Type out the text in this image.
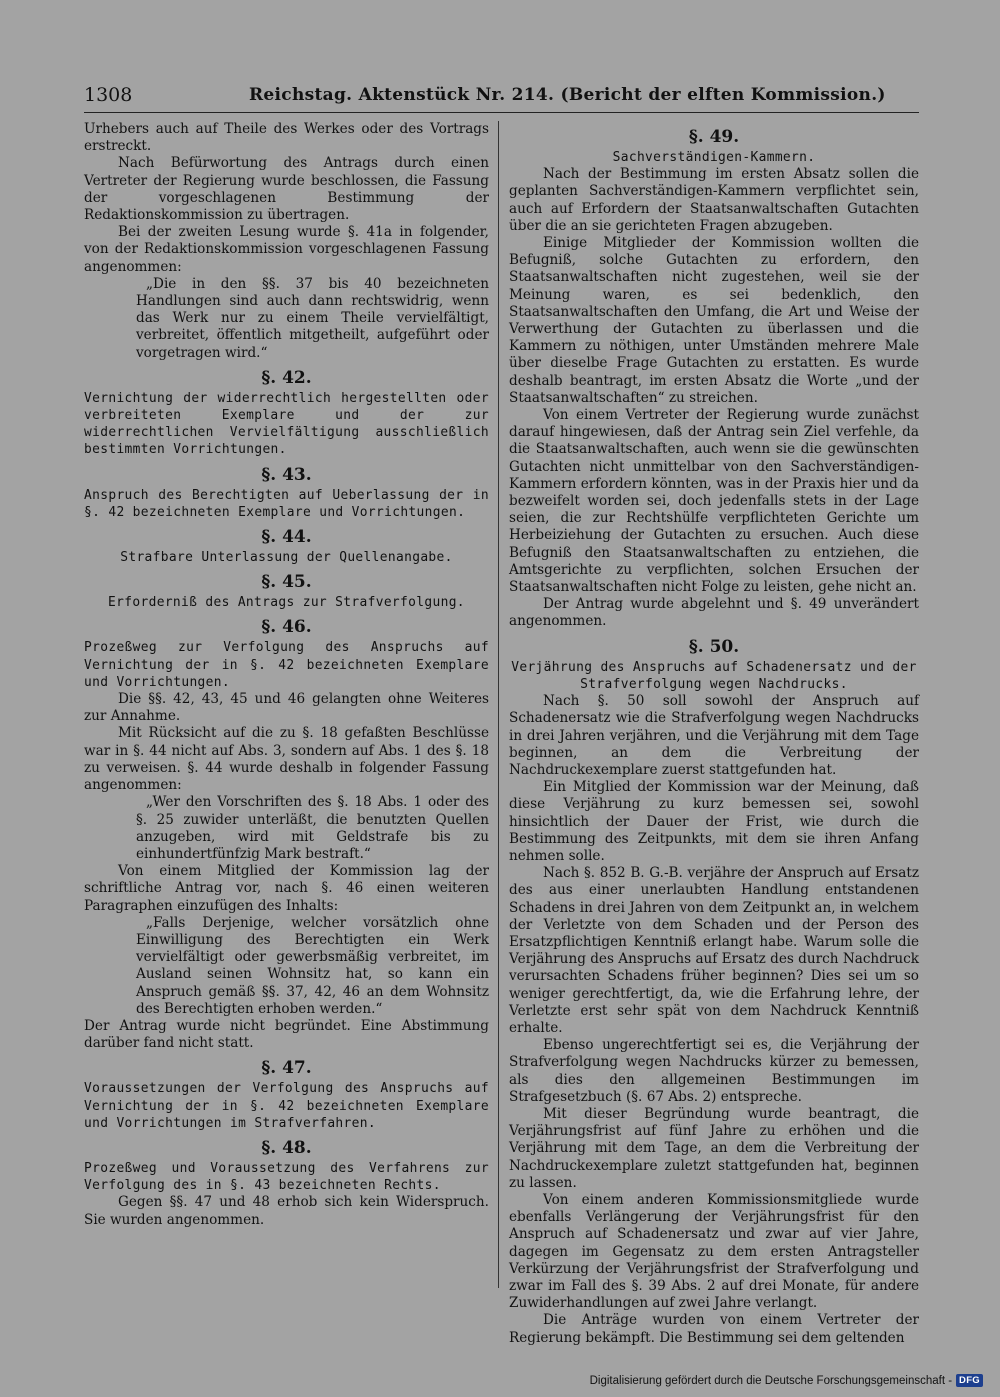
1308	Reichstag. Aktenstück Nr. 214. (Bericht der elften Kommission.)

Urhebers auch auf Theile des Werkes oder des Vortrags erstreckt.

Nach Befürwortung des Antrags durch einen Vertreter der Regierung wurde beschlossen, die Fassung der vorgeschlagenen Bestimmung der Redaktionskommission zu übertragen.

Bei der zweiten Lesung wurde §. 41a in folgender, von der Redaktionskommission vorgeschlagenen Fassung angenommen:

„Die in den §§. 37 bis 40 bezeichneten Handlungen sind auch dann rechtswidrig, wenn das Werk nur zu einem Theile vervielfältigt, verbreitet, öffentlich mitgetheilt, aufgeführt oder vorgetragen wird.“

§. 42.

Vernichtung der widerrechtlich hergestellten oder verbreiteten Exemplare und der zur widerrechtlichen Vervielfältigung ausschließlich bestimmten Vorrichtungen.

§. 43.

Anspruch des Berechtigten auf Ueberlassung der in §. 42 bezeichneten Exemplare und Vorrichtungen.

§. 44.

Strafbare Unterlassung der Quellenangabe.

§. 45.

Erforderniß des Antrags zur Strafverfolgung.

§. 46.

Prozeßweg zur Verfolgung des Anspruchs auf Vernichtung der in §. 42 bezeichneten Exemplare und Vorrichtungen.

Die §§. 42, 43, 45 und 46 gelangten ohne Weiteres zur Annahme.

Mit Rücksicht auf die zu §. 18 gefaßten Beschlüsse war in §. 44 nicht auf Abs. 3, sondern auf Abs. 1 des §. 18 zu verweisen. §. 44 wurde deshalb in folgender Fassung angenommen:

„Wer den Vorschriften des §. 18 Abs. 1 oder des §. 25 zuwider unterläßt, die benutzten Quellen anzugeben, wird mit Geldstrafe bis zu einhundertfünfzig Mark bestraft.“

Von einem Mitglied der Kommission lag der schriftliche Antrag vor, nach §. 46 einen weiteren Paragraphen einzufügen des Inhalts:

„Falls Derjenige, welcher vorsätzlich ohne Einwilligung des Berechtigten ein Werk vervielfältigt oder gewerbsmäßig verbreitet, im Ausland seinen Wohnsitz hat, so kann ein Anspruch gemäß §§. 37, 42, 46 an dem Wohnsitz des Berechtigten erhoben werden.“

Der Antrag wurde nicht begründet. Eine Abstimmung darüber fand nicht statt.

§. 47.

Voraussetzungen der Verfolgung des Anspruchs auf Vernichtung der in §. 42 bezeichneten Exemplare und Vorrichtungen im Strafverfahren.

§. 48.

Prozeßweg und Voraussetzung des Verfahrens zur Verfolgung des in §. 43 bezeichneten Rechts.

Gegen §§. 47 und 48 erhob sich kein Widerspruch. Sie wurden angenommen.

§. 49.

Sachverständigen-Kammern.

Nach der Bestimmung im ersten Absatz sollen die geplanten Sachverständigen-Kammern verpflichtet sein, auch auf Erfordern der Staatsanwaltschaften Gutachten über die an sie gerichteten Fragen abzugeben.

Einige Mitglieder der Kommission wollten die Befugniß, solche Gutachten zu erfordern, den Staatsanwaltschaften nicht zugestehen, weil sie der Meinung waren, es sei bedenklich, den Staatsanwaltschaften den Umfang, die Art und Weise der Verwerthung der Gutachten zu überlassen und die Kammern zu nöthigen, unter Umständen mehrere Male über dieselbe Frage Gutachten zu erstatten. Es wurde deshalb beantragt, im ersten Absatz die Worte „und der Staatsanwaltschaften“ zu streichen.

Von einem Vertreter der Regierung wurde zunächst darauf hingewiesen, daß der Antrag sein Ziel verfehle, da die Staatsanwaltschaften, auch wenn sie die gewünschten Gutachten nicht unmittelbar von den Sachverständigen-Kammern erfordern könnten, was in der Praxis hier und da bezweifelt worden sei, doch jedenfalls stets in der Lage seien, die zur Rechtshülfe verpflichteten Gerichte um Herbeiziehung der Gutachten zu ersuchen. Auch diese Befugniß den Staatsanwaltschaften zu entziehen, die Amtsgerichte zu verpflichten, solchen Ersuchen der Staatsanwaltschaften nicht Folge zu leisten, gehe nicht an.

Der Antrag wurde abgelehnt und §. 49 unverändert angenommen.

§. 50.

Verjährung des Anspruchs auf Schadenersatz und der Strafverfolgung wegen Nachdrucks.

Nach §. 50 soll sowohl der Anspruch auf Schadenersatz wie die Strafverfolgung wegen Nachdrucks in drei Jahren verjähren, und die Verjährung mit dem Tage beginnen, an dem die Verbreitung der Nachdruckexemplare zuerst stattgefunden hat.

Ein Mitglied der Kommission war der Meinung, daß diese Verjährung zu kurz bemessen sei, sowohl hinsichtlich der Dauer der Frist, wie durch die Bestimmung des Zeitpunkts, mit dem sie ihren Anfang nehmen solle.

Nach §. 852 B. G.-B. verjähre der Anspruch auf Ersatz des aus einer unerlaubten Handlung entstandenen Schadens in drei Jahren von dem Zeitpunkt an, in welchem der Verletzte von dem Schaden und der Person des Ersatzpflichtigen Kenntniß erlangt habe. Warum solle die Verjährung des Anspruchs auf Ersatz des durch Nachdruck verursachten Schadens früher beginnen? Dies sei um so weniger gerechtfertigt, da, wie die Erfahrung lehre, der Verletzte erst sehr spät von dem Nachdruck Kenntniß erhalte.

Ebenso ungerechtfertigt sei es, die Verjährung der Strafverfolgung wegen Nachdrucks kürzer zu bemessen, als dies den allgemeinen Bestimmungen im Strafgesetzbuch (§. 67 Abs. 2) entspreche.

Mit dieser Begründung wurde beantragt, die Verjährungsfrist auf fünf Jahre zu erhöhen und die Verjährung mit dem Tage, an dem die Verbreitung der Nachdruckexemplare zuletzt stattgefunden hat, beginnen zu lassen.

Von einem anderen Kommissionsmitgliede wurde ebenfalls Verlängerung der Verjährungsfrist für den Anspruch auf Schadenersatz und zwar auf vier Jahre, dagegen im Gegensatz zu dem ersten Antragsteller Verkürzung der Verjährungsfrist der Strafverfolgung und zwar im Fall des §. 39 Abs. 2 auf drei Monate, für andere Zuwiderhandlungen auf zwei Jahre verlangt.

Die Anträge wurden von einem Vertreter der Regierung bekämpft. Die Bestimmung sei dem geltenden

Digitalisierung gefördert durch die Deutsche Forschungsgemeinschaft - DFG
